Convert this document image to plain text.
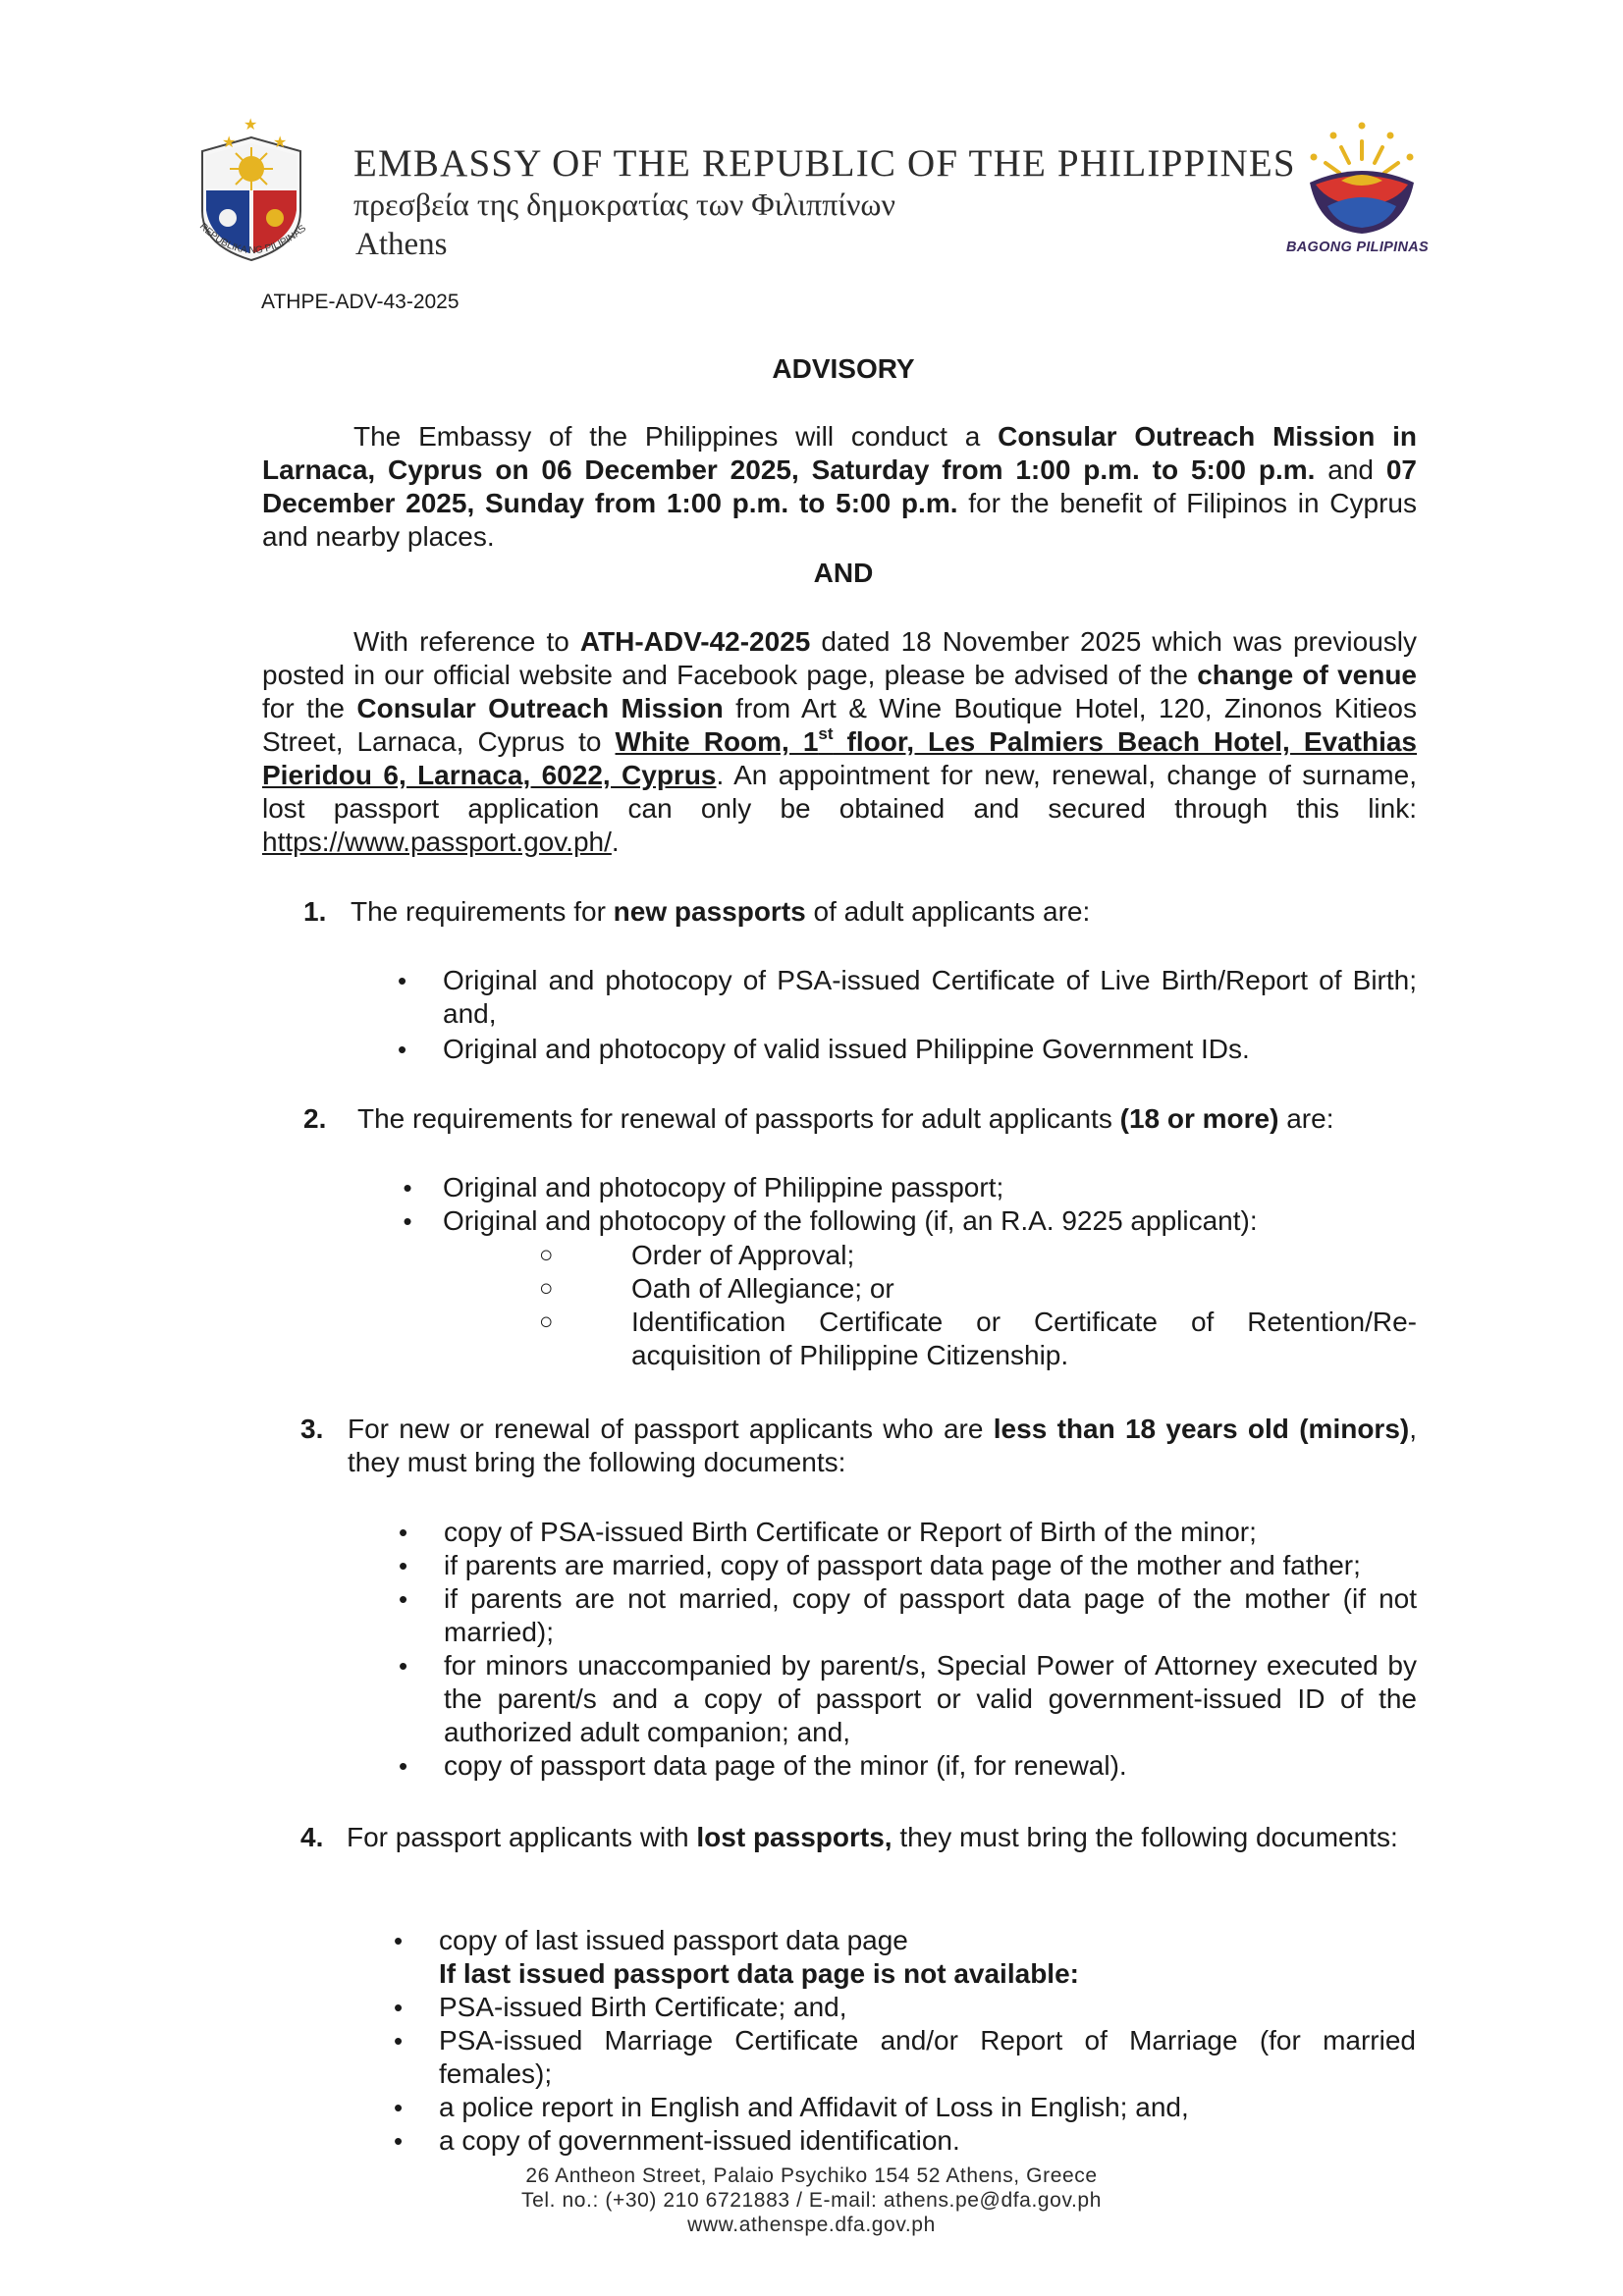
★ ★
★
REPUBLIKA NG PILIPINAS
EMBASSY OF THE REPUBLIC OF THE PHILIPPINES
πρεσβεία της δημοκρατίας των Φιλιππίνων
Athens	BAGONG PILIPINAS
ATHPE-ADV-43-2025
ADVISORY
The Embassy of the Philippines will conduct a Consular Outreach Mission in Larnaca, Cyprus on 06 December 2025, Saturday from 1:00 p.m. to 5:00 p.m. and 07 December 2025, Sunday from 1:00 p.m. to 5:00 p.m. for the benefit of Filipinos in Cyprus and nearby places.
AND
With reference to ATH-ADV-42-2025 dated 18 November 2025 which was previously posted in our official website and Facebook page, please be advised of the change of venue for the Consular Outreach Mission from Art & Wine Boutique Hotel, 120, Zinonos Kitieos Street, Larnaca, Cyprus to White Room, 1st floor, Les Palmiers Beach Hotel, Evathias Pieridou 6, Larnaca, 6022, Cyprus. An appointment for new, renewal, change of surname, lost passport application can only be obtained and secured through this link: https://www.passport.gov.ph/.
1. The requirements for new passports of adult applicants are:
•	Original and photocopy of PSA-issued Certificate of Live Birth/Report of Birth; and,
•	Original and photocopy of valid issued Philippine Government IDs.
2.	The requirements for renewal of passports for adult applicants (18 or more) are:
• Original and photocopy of Philippine passport;
• Original and photocopy of the following (if, an R.A. 9225 applicant):
○	Order of Approval;
○	Oath of Allegiance; or
○	Identification Certificate or Certificate of Retention/Re-acquisition of Philippine Citizenship.
3. For new or renewal of passport applicants who are less than 18 years old (minors), they must bring the following documents:
•	copy of PSA-issued Birth Certificate or Report of Birth of the minor;
•	if parents are married, copy of passport data page of the mother and father;
•	if parents are not married, copy of passport data page of the mother (if not married);
•	for minors unaccompanied by parent/s, Special Power of Attorney executed by the parent/s and a copy of passport or valid government-issued ID of the authorized adult companion; and,
•	copy of passport data page of the minor (if, for renewal).
4. For passport applicants with lost passports, they must bring the following documents:
•	copy of last issued passport data page
If last issued passport data page is not available:
•	PSA-issued Birth Certificate; and,
•	PSA-issued Marriage Certificate and/or Report of Marriage (for married females);
•	a police report in English and Affidavit of Loss in English; and,
•	a copy of government-issued identification.
26 Antheon Street, Palaio Psychiko 154 52 Athens, Greece
Tel. no.: (+30) 210 6721883 / E-mail: athens.pe@dfa.gov.ph
www.athenspe.dfa.gov.ph
